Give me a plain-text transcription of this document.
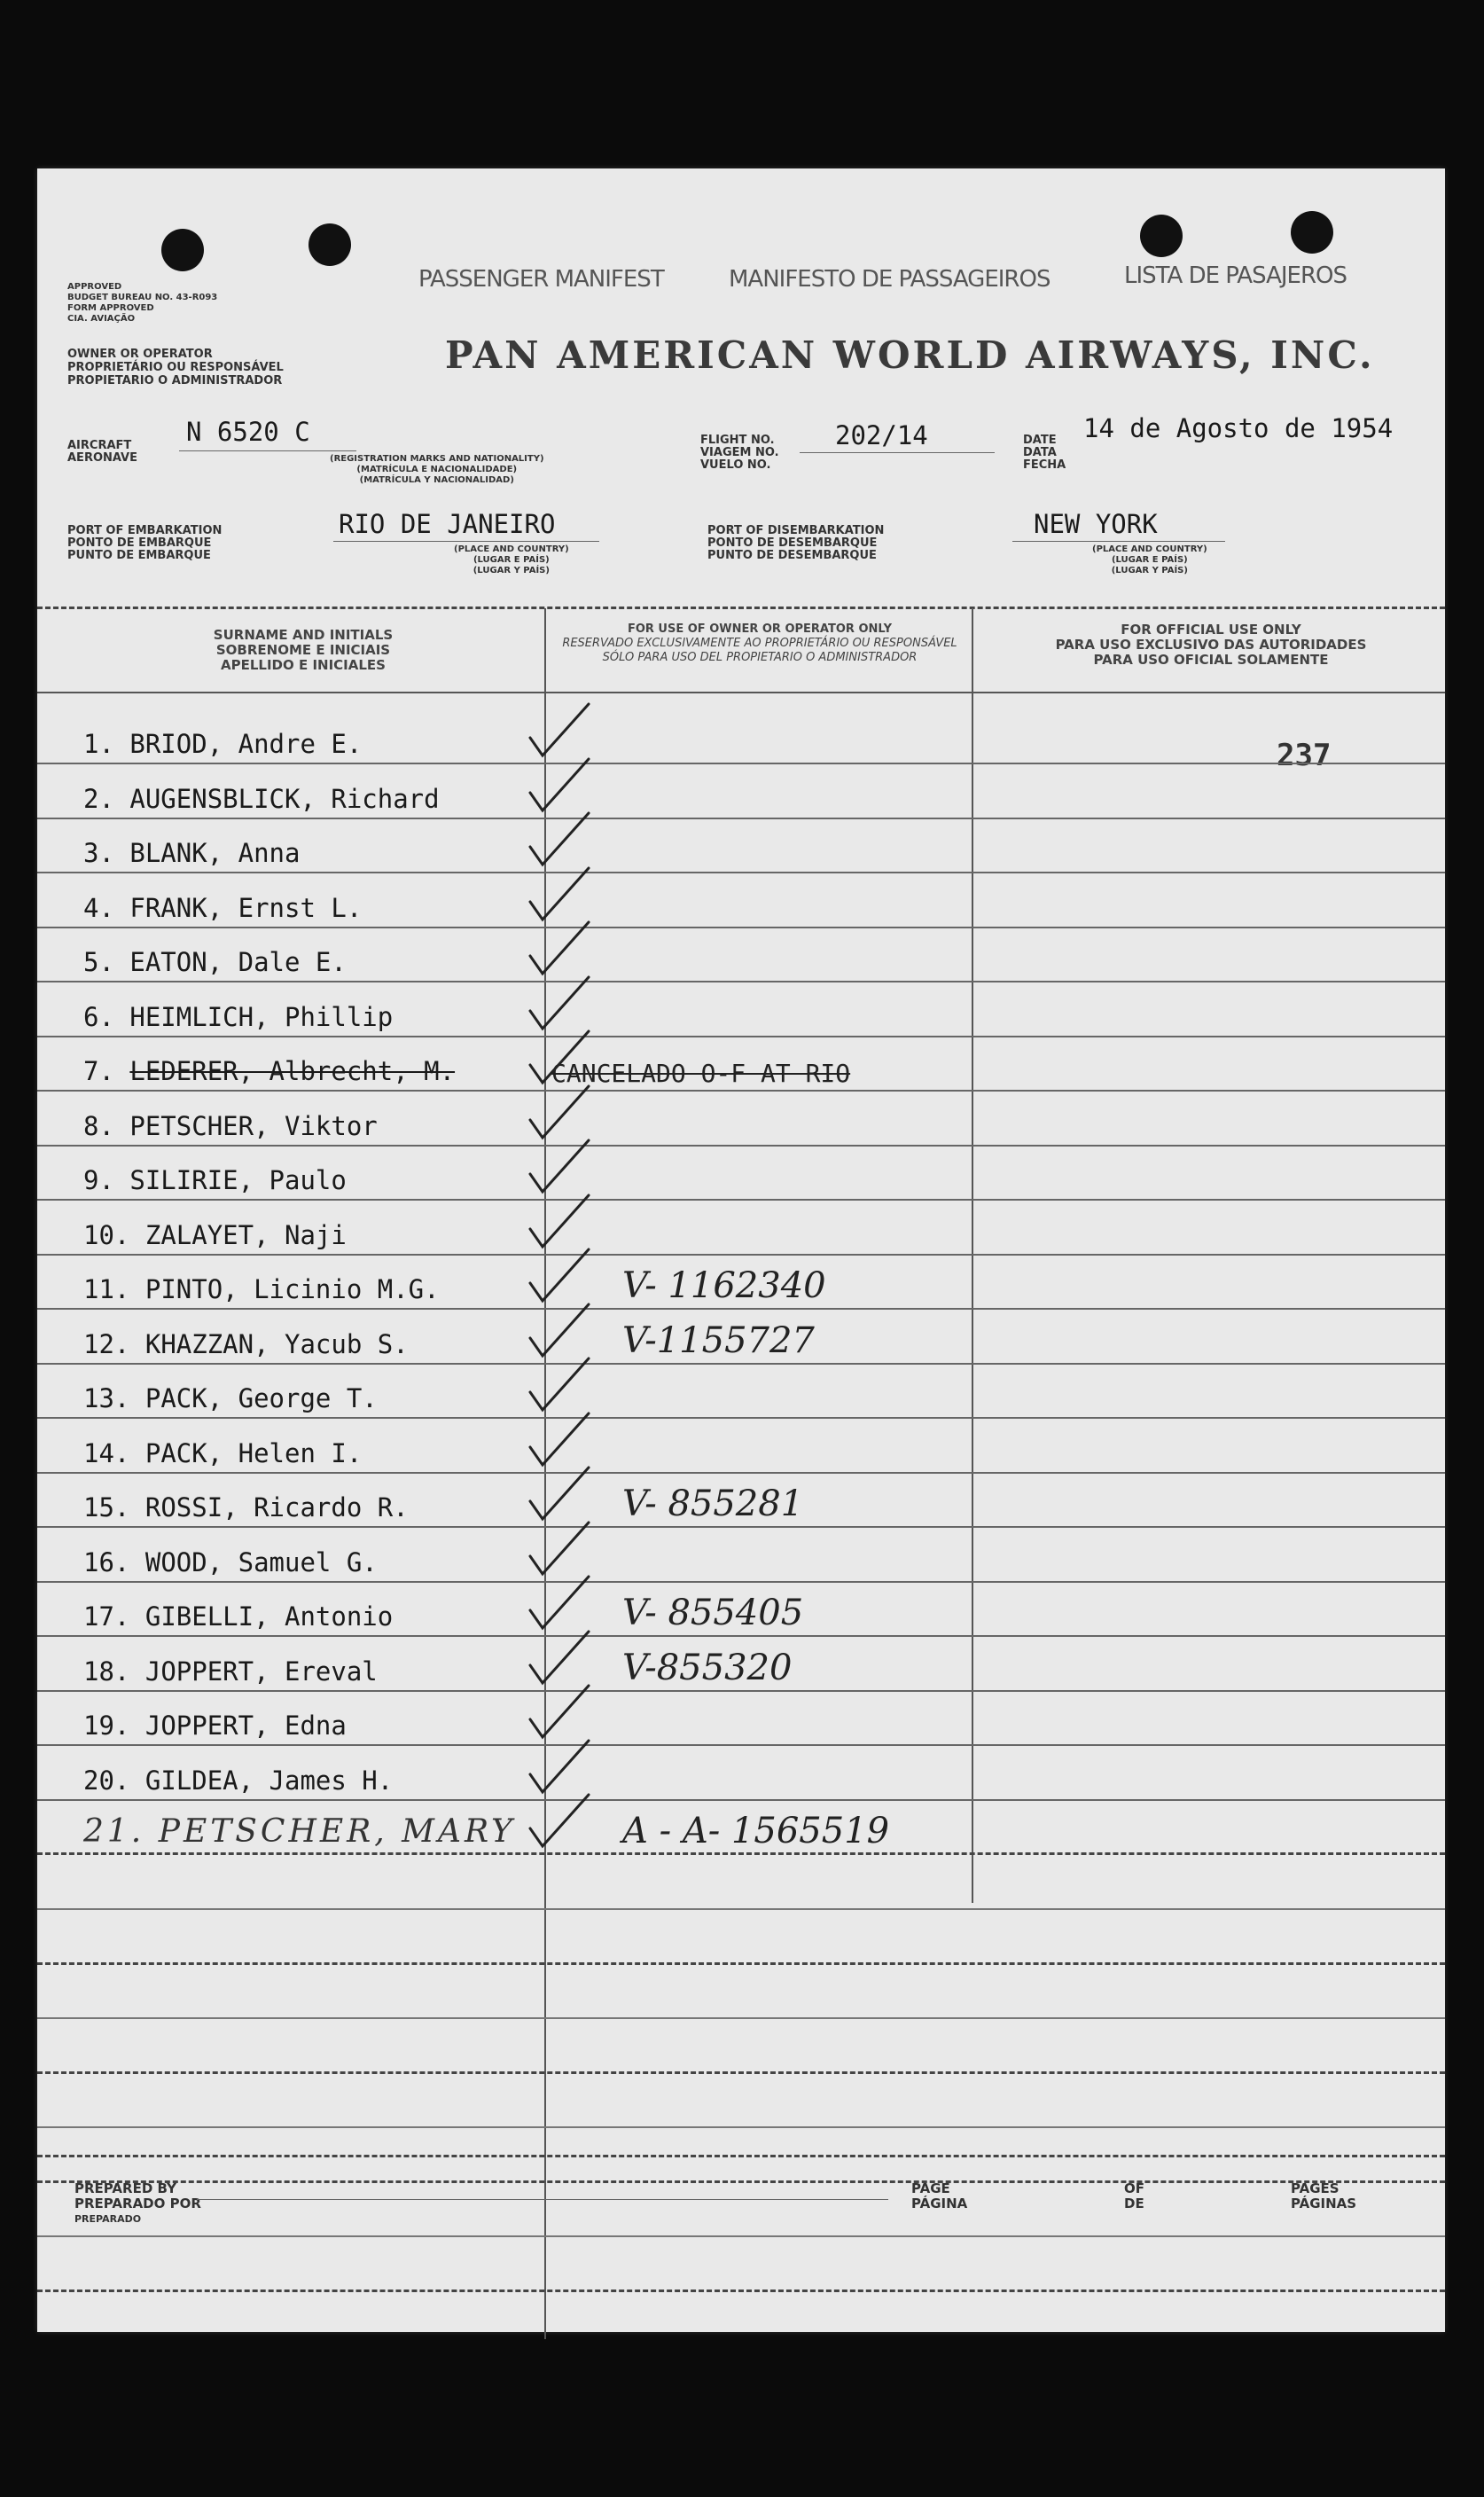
APPROVED
BUDGET BUREAU NO. 43-R093
FORM APPROVED
CIA. AVIAÇÃO
PASSENGER MANIFEST	MANIFESTO DE PASSAGEIROS	LISTA DE PASAJEROS
OWNER OR OPERATOR
PROPRIETÁRIO OU RESPONSÁVEL
PROPIETARIO O ADMINISTRADOR
PAN AMERICAN WORLD AIRWAYS, INC.
AIRCRAFT
AERONAVE
N 6520 C
(REGISTRATION MARKS AND NATIONALITY)
(MATRÍCULA E NACIONALIDADE)
(MATRÍCULA Y NACIONALIDAD)
FLIGHT NO.
VIAGEM NO.
VUELO NO.
202/14	DATE
DATA
FECHA
14 de Agosto de 1954
PORT OF EMBARKATION
PONTO DE EMBARQUE
PUNTO DE EMBARQUE
RIO DE JANEIRO
(PLACE AND COUNTRY)
(LUGAR E PAÍS)
(LUGAR Y PAÍS)
PORT OF DISEMBARKATION
PONTO DE DESEMBARQUE
PUNTO DE DESEMBARQUE
NEW YORK
(PLACE AND COUNTRY)
(LUGAR E PAÍS)
(LUGAR Y PAÍS)
SURNAME AND INITIALS
SOBRENOME E INICIAIS
APELLIDO E INICIALES
FOR USE OF OWNER OR OPERATOR ONLY
RESERVADO EXCLUSIVAMENTE AO PROPRIETÁRIO OU RESPONSÁVEL
SÓLO PARA USO DEL PROPIETARIO O ADMINISTRADOR
FOR OFFICIAL USE ONLY
PARA USO EXCLUSIVO DAS AUTORIDADES
PARA USO OFICIAL SOLAMENTE
237
1. BRIOD, Andre E.
2. AUGENSBLICK, Richard
3. BLANK, Anna
4. FRANK, Ernst L.
5. EATON, Dale E.
6. HEIMLICH, Phillip
7. LEDERER, Albrecht, M.	CANCELADO O-F AT RIO
8. PETSCHER, Viktor
9. SILIRIE, Paulo
10. ZALAYET, Naji
11. PINTO, Licinio M.G.	V- 1162340
12. KHAZZAN, Yacub S.	V-1155727
13. PACK, George T.
14. PACK, Helen I.
15. ROSSI, Ricardo R.	V- 855281
16. WOOD, Samuel G.
17. GIBELLI, Antonio	V- 855405
18. JOPPERT, Ereval	V-855320
19. JOPPERT, Edna
20. GILDEA, James H.
21. PETSCHER, MARY	A - A- 1565519
PREPARED BY
PREPARADO POR
PREPARADO
PAGE
PÁGINA
OF
DE
PAGES
PÁGINAS
